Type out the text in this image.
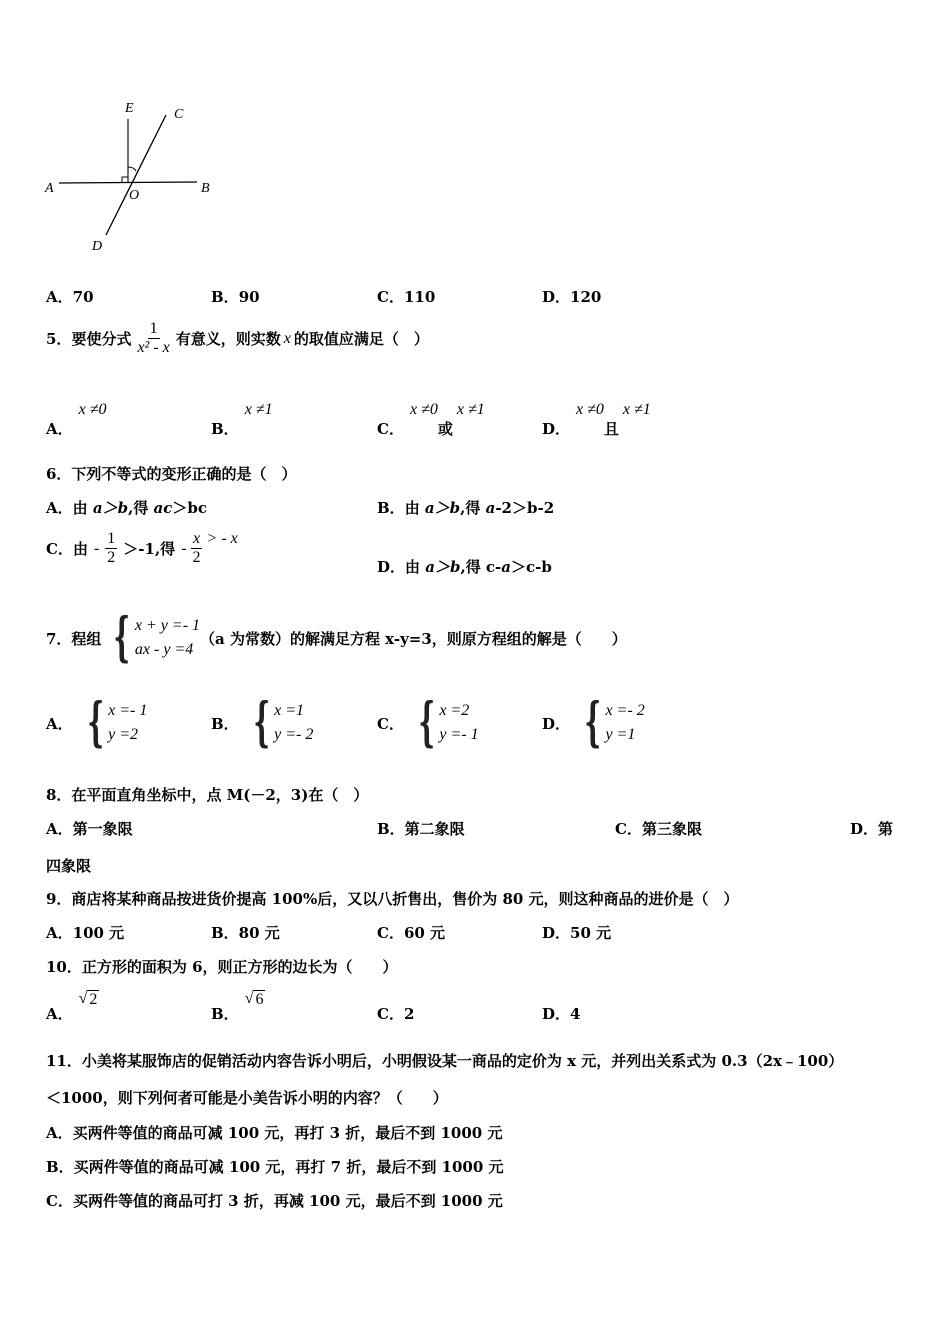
E	C
A	O	B
D
A．70	B．90	C．110	D．120
5． 要使分式 $\frac{1}{\text{x² - x}}$ 有意义，则实数 x 的取值应满足（　）
A．x ≠0
B．x ≠1
C．x ≠0或x ≠1
D．x ≠0且x ≠1
6．下列不等式的变形正确的是（　）
A．由 a＞b,得 ac＞bc	B．由 a＞b,得 a-2＞b-2
C． 由 - $\frac{1}{2} >-1$,得 - $\frac{x}{2}$ > - x
D．由 a＞b,得 c-a＞c-b
7．程组 { x + y =- 1
ax - y =4
（a 为常数）的解满足方程 x-y=3，则原方程组的解是（　　）
A． { x =- 1
y =2
B． { x =1
y =- 2
C． { x =2
y =- 1
D． { x =- 2
y =1
8．在平面直角坐标中，点 M(－2，3)在（　）
A．第一象限	B．第二象限	C．第三象限	D．第
四象限
9．商店将某种商品按进货价提高 100%后，又以八折售出，售价为 80 元，则这种商品的进价是（　）
A．100 元	B．80 元	C．60 元	D．50 元
10．正方形的面积为 6，则正方形的边长为（　　）
A．
√ 2
B．
√ 6
C．2	D．4
11．小美将某服饰店的促销活动内容告诉小明后，小明假设某一商品的定价为 x 元，并列出关系式为 0.3（2x﹣100）
＜1000，则下列何者可能是小美告诉小明的内容？（　　）
A．买两件等值的商品可减 100 元，再打 3 折，最后不到 1000 元
B．买两件等值的商品可减 100 元，再打 7 折，最后不到 1000 元
C．买两件等值的商品可打 3 折，再减 100 元，最后不到 1000 元
